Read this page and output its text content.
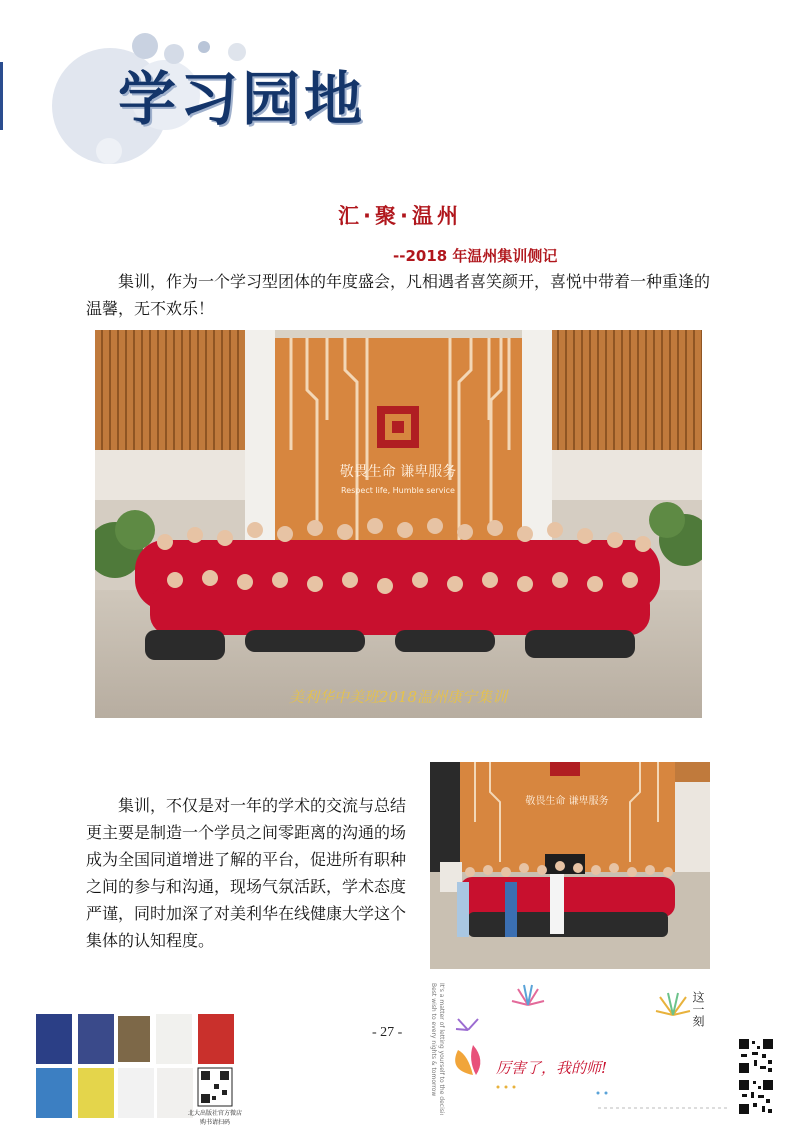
学习园地
汇·聚·温州
--2018 年温州集训侧记

集训，作为一个学习型团体的年度盛会，凡相遇者喜笑颜开，喜悦中带着一种重逢的温馨，无不欢乐！

敬畏生命 谦卑服务
Respect life, Humble service
美利华中美班2018温州康宁集训

集训，不仅是对一年的学术的交流与总结更主要是制造一个学员之间零距离的沟通的场成为全国同道增进了解的平台，促进所有职种之间的参与和沟通，现场气氛活跃，学术态度严谨，同时加深了对美利华在线健康大学这个集体的认知程度。

敬畏生命 谦卑服务
- 27 -
北大出版社官方微店
购书请扫码
Best wish to every nights & tomorrow It's a matter of letting yourself to the decision	厉害了，我的师!
这一刻
